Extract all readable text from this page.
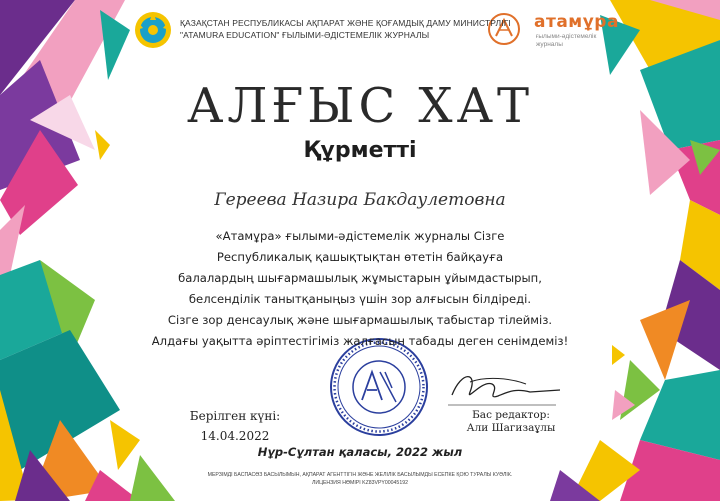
ҚАЗАҚСТАН РЕСПУБЛИКАСЫ АҚПАРАТ ЖӘНЕ ҚОҒАМДЫҚ ДАМУ МИНИСТРЛІГІ
"ATAMURA EDUCATION" ҒЫЛЫМИ-ӘДІСТЕМЕЛІК ЖУРНАЛЫ
атамұра
ғылыми-әдістемелік
журналы
АЛҒЫС ХАТ
Құрметті
Гереева Назира Бакдаулетовна
«Атамұра» ғылыми-әдістемелік журналы Сізге
Республикалық қашықтықтан өтетін байқауға
балалардың шығармашылық жұмыстарын ұйымдастырып,
белсенділік танытқаныңыз үшін зор алғысын білдіреді.
Сізге зор денсаулық және шығармашылық табыстар тілейміз.
Алдағы уақытта әріптестігіміз жалғасын табады деген сенімдеміз!
Берілген күні:
14.04.2022
Бас редактор:
Али Шагизаұлы
Нұр-Сұлтан қаласы, 2022 жыл
МЕРЗІМДІ БАСПАСӨЗ БАСЫЛЫМЫН, АҚПАРАТ АГЕНТТІГІН ЖӘНЕ ЖЕЛІЛІК БАСЫЛЫМДЫ ЕСЕПКЕ ҚОЮ ТУРАЛЫ КУӘЛІК.
ЛИЦЕНЗИЯ НӨМІРІ KZ83VPY00045192
